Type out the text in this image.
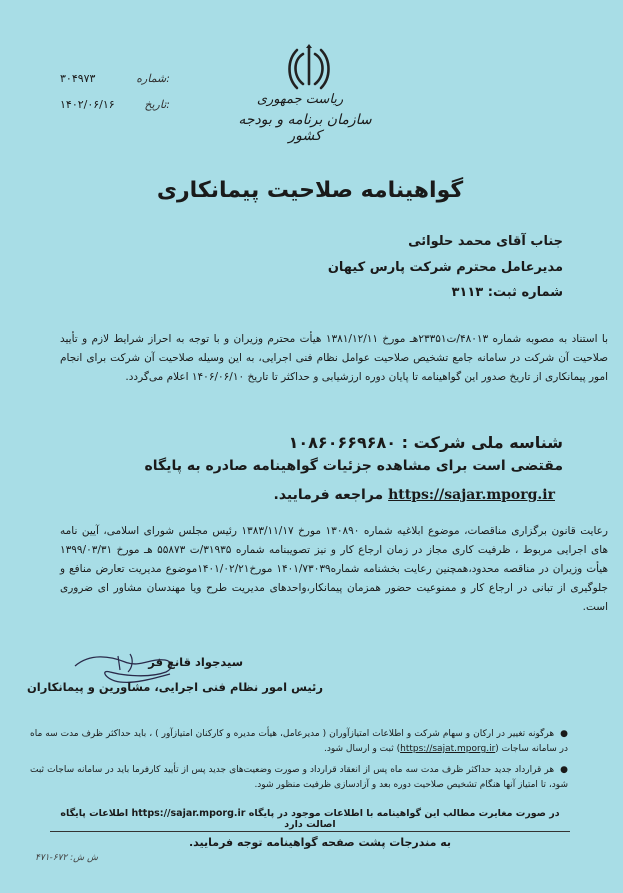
ریاست جمهوری
سازمان برنامه و بودجه کشور
شماره:
۳۰۴۹۷۳
تاریخ:
۱۴۰۲/۰۶/۱۶
گواهینامه صلاحیت پیمانکاری
جناب آقای محمد حلوائی
مدیرعامل محترم شرکت پارس کیهان
شماره ثبت: ۳۱۱۳
با استناد به مصوبه شماره ۴۸۰۱۳/ت۲۳۳۵۱هـ مورخ ۱۳۸۱/۱۲/۱۱ هیأت محترم وزیران و با توجه به احراز شرایط لازم و تأیید صلاحیت آن شرکت در سامانه جامع تشخیص صلاحیت عوامل نظام فنی اجرایی، به این وسیله صلاحیت آن شرکت برای انجام امور پیمانکاری از تاریخ صدور این گواهینامه تا پایان دوره ارزشیابی و حداکثر تا تاریخ ۱۴۰۶/۰۶/۱۰ اعلام می‌گردد.
شناسه ملی شرکت : ۱۰۸۶۰۶۶۹۶۸۰
مقتضی است برای مشاهده جزئیات گواهینامه صادره به پایگاه
https://sajar.mporg.ir مراجعه فرمایید.
رعایت قانون برگزاری مناقصات، موضوع ابلاغیه شماره ۱۳۰۸۹۰ مورخ ۱۳۸۳/۱۱/۱۷ رئیس مجلس شورای اسلامی، آیین نامه های اجرایی مربوط ، ظرفیت کاری مجاز در زمان ارجاع کار و نیز تصویبنامه شماره ۳۱۹۳۵/ت ۵۵۸۷۳ هـ مورخ ۱۳۹۹/۰۳/۳۱ هیأت وزیران در مناقصه محدود،همچنین رعایت بخشنامه شماره۱۴۰۱/۷۳۰۳۹ مورخ۱۴۰۱/۰۲/۲۱موضوع مدیریت تعارض منافع و جلوگیری از تبانی در ارجاع کار و ممنوعیت حضور همزمان پیمانکار،واحدهای مدیریت طرح ویا مهندسان مشاور ای ضروری است.
سیدجواد قانع فر
رئیس امور نظام فنی اجرایی، مشاورین و پیمانکاران
● هرگونه تغییر در ارکان و سهام شرکت و اطلاعات امتیازآوران ( مدیرعامل، هیأت مدیره و کارکنان امتیازآور ) ، باید حداکثر ظرف مدت سه ماه در سامانه ساجات (https://sajat.mporg.ir) ثبت و ارسال شود.
● هر قرارداد جدید حداکثر ظرف مدت سه ماه پس از انعقاد قرارداد و صورت وضعیت‌های جدید پس از تأیید کارفرما باید در سامانه ساجات ثبت شود، تا امتیاز آنها هنگام تشخیص صلاحیت دوره بعد و آزادسازی ظرفیت منظور شود.
در صورت مغایرت مطالب این گواهینامه با اطلاعات موجود در پایگاه https://sajar.mporg.ir اطلاعات پایگاه اصالت دارد
به مندرجات پشت صفحه گواهینامه توجه فرمایید.
ش ش: ۶۷۲-۴۷۱
